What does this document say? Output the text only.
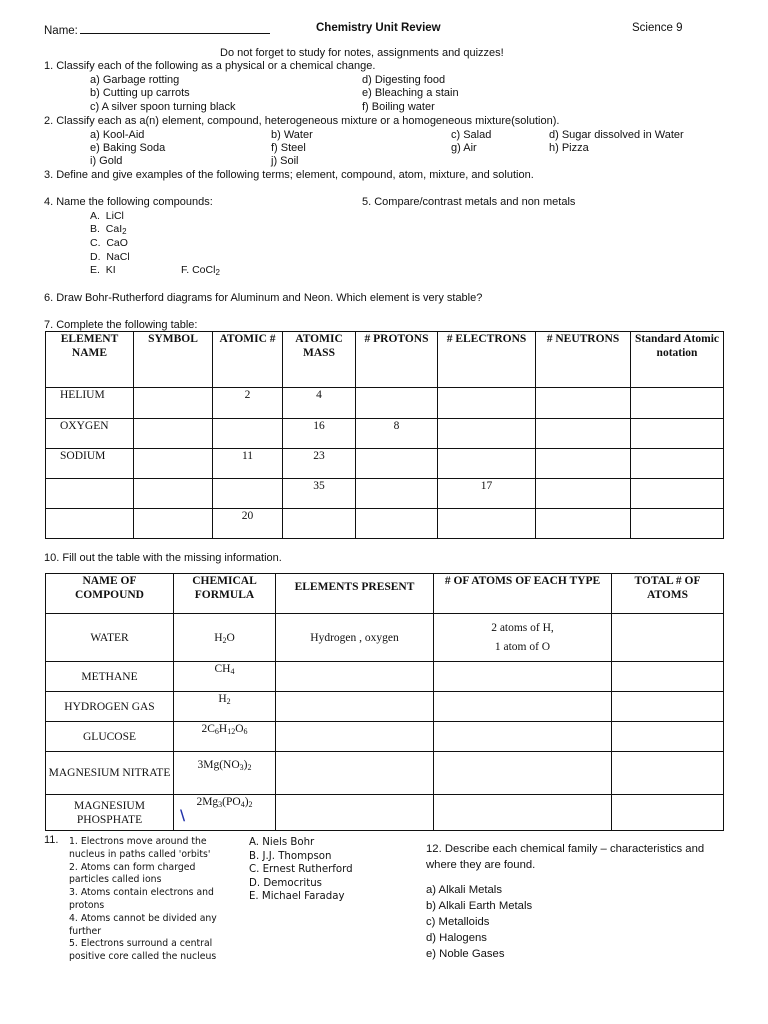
Name:	Chemistry Unit Review	Science 9
Do not forget to study for notes, assignments and quizzes!
1. Classify each of the following as a physical or a chemical change.
a) Garbage rotting
b) Cutting up carrots
c) A silver spoon turning black
d) Digesting food
e) Bleaching a stain
f) Boiling water
2. Classify each as a(n) element, compound, heterogeneous mixture or a homogeneous mixture(solution).
a) Kool-Aid	b) Water	c) Salad	d) Sugar dissolved in Water
e) Baking Soda	f) Steel	g) Air	h) Pizza
i) Gold	j) Soil
3. Define and give examples of the following terms; element, compound, atom, mixture, and solution.
4. Name the following compounds:
A. LiCl
B. CaI$_2$
C. CaO
D. NaCl
E. KI	F. CoCl$_2$
5. Compare/contrast metals and non metals
6. Draw Bohr-Rutherford diagrams for Aluminum and Neon. Which element is very stable?
7. Complete the following table:
ELEMENT NAME	SYMBOL	ATOMIC #	ATOMIC MASS	# PROTONS	# ELECTRONS	# NEUTRONS	Standard Atomic notation
HELIUM		2	4				
OXYGEN			16	8			
SODIUM		11	23				
			35		17		
		20					
10. Fill out the table with the missing information.
NAME OF COMPOUND	CHEMICAL FORMULA	ELEMENTS PRESENT	# OF ATOMS OF EACH TYPE	TOTAL # OF ATOMS
WATER	$H_2O$	Hydrogen , oxygen	2 atoms of H,
1 atom of O	

METHANE	$CH_4$			
HYDROGEN GAS	$H_2$			
GLUCOSE	$2C_6H_{12}O_6$			
MAGNESIUM NITRATE	$3Mg(NO_3)_2$			
MAGNESIUM PHOSPHATE	$2Mg_3(PO_4)_2$			
\
11. 1. Electrons move around the
nucleus in paths called 'orbits'
2. Atoms can form charged
particles called ions
3. Atoms contain electrons and
protons
4. Atoms cannot be divided any
further
5. Electrons surround a central
positive core called the nucleus
A. Niels Bohr
B. J.J. Thompson
C. Ernest Rutherford
D. Democritus
E. Michael Faraday
12. Describe each chemical family – characteristics and
where they are found.
a) Alkali Metals
b) Alkali Earth Metals
c) Metalloids
d) Halogens
e) Noble Gases
